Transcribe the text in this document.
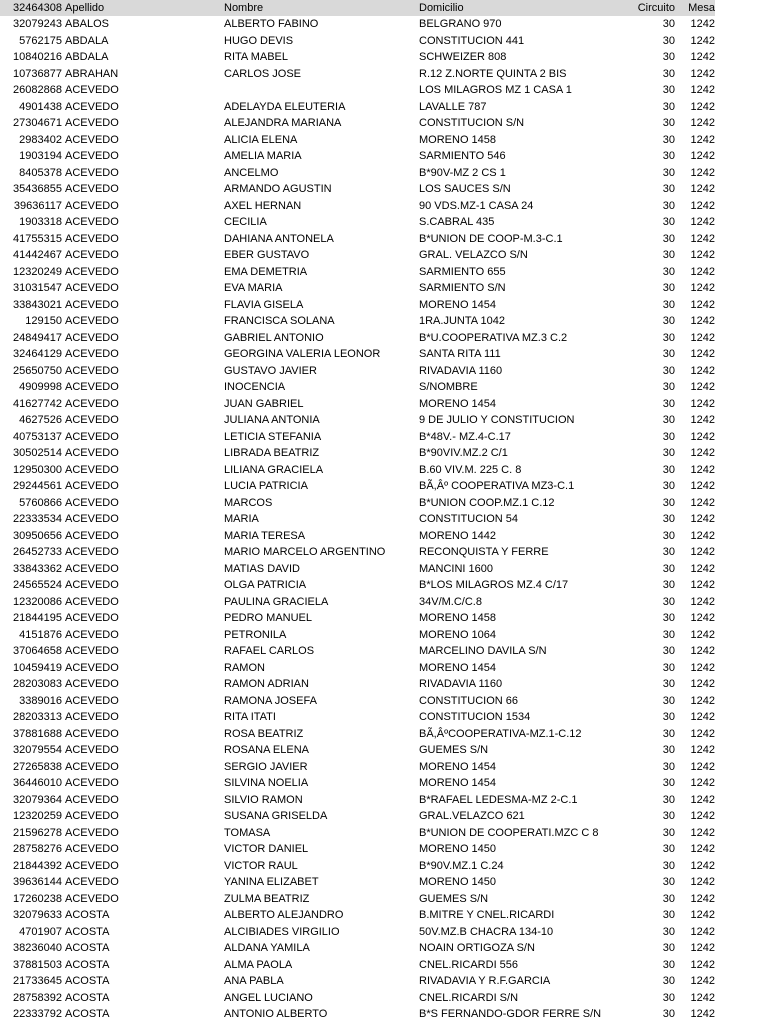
32464308	Apellido	Nombre	Domicilio	Circuito	Mesa
32079243	ABALOS	ALBERTO FABINO	BELGRANO 970	30	1242
5762175	ABDALA	HUGO DEVIS	CONSTITUCION 441	30	1242
10840216	ABDALA	RITA MABEL	SCHWEIZER 808	30	1242
10736877	ABRAHAN	CARLOS JOSE	R.12 Z.NORTE QUINTA 2 BIS	30	1242
26082868	ACEVEDO		LOS MILAGROS MZ 1 CASA 1	30	1242
4901438	ACEVEDO	ADELAYDA ELEUTERIA	LAVALLE 787	30	1242
27304671	ACEVEDO	ALEJANDRA MARIANA	CONSTITUCION S/N	30	1242
2983402	ACEVEDO	ALICIA ELENA	MORENO 1458	30	1242
1903194	ACEVEDO	AMELIA MARIA	SARMIENTO 546	30	1242
8405378	ACEVEDO	ANCELMO	B*90V-MZ 2 CS 1	30	1242
35436855	ACEVEDO	ARMANDO AGUSTIN	LOS SAUCES S/N	30	1242
39636117	ACEVEDO	AXEL HERNAN	90 VDS.MZ-1 CASA 24	30	1242
1903318	ACEVEDO	CECILIA	S.CABRAL 435	30	1242
41755315	ACEVEDO	DAHIANA ANTONELA	B*UNION DE COOP-M.3-C.1	30	1242
41442467	ACEVEDO	EBER GUSTAVO	GRAL. VELAZCO S/N	30	1242
12320249	ACEVEDO	EMA DEMETRIA	SARMIENTO 655	30	1242
31031547	ACEVEDO	EVA MARIA	SARMIENTO S/N	30	1242
33843021	ACEVEDO	FLAVIA GISELA	MORENO 1454	30	1242
129150	ACEVEDO	FRANCISCA SOLANA	1RA.JUNTA 1042	30	1242
24849417	ACEVEDO	GABRIEL ANTONIO	B*U.COOPERATIVA MZ.3 C.2	30	1242
32464129	ACEVEDO	GEORGINA VALERIA LEONOR	SANTA RITA 111	30	1242
25650750	ACEVEDO	GUSTAVO JAVIER	RIVADAVIA 1160	30	1242
4909998	ACEVEDO	INOCENCIA	S/NOMBRE	30	1242
41627742	ACEVEDO	JUAN GABRIEL	MORENO 1454	30	1242
4627526	ACEVEDO	JULIANA ANTONIA	9 DE JULIO Y CONSTITUCION	30	1242
40753137	ACEVEDO	LETICIA STEFANIA	B*48V.- MZ.4-C.17	30	1242
30502514	ACEVEDO	LIBRADA BEATRIZ	B*90VIV.MZ.2 C/1	30	1242
12950300	ACEVEDO	LILIANA GRACIELA	B.60 VIV.M. 225 C. 8	30	1242
29244561	ACEVEDO	LUCIA PATRICIA	BÃ,Âº COOPERATIVA MZ3-C.1	30	1242
5760866	ACEVEDO	MARCOS	B*UNION COOP.MZ.1 C.12	30	1242
22333534	ACEVEDO	MARIA	CONSTITUCION 54	30	1242
30950656	ACEVEDO	MARIA TERESA	MORENO 1442	30	1242
26452733	ACEVEDO	MARIO MARCELO ARGENTINO	RECONQUISTA Y FERRE	30	1242
33843362	ACEVEDO	MATIAS DAVID	MANCINI 1600	30	1242
24565524	ACEVEDO	OLGA PATRICIA	B*LOS MILAGROS MZ.4 C/17	30	1242
12320086	ACEVEDO	PAULINA GRACIELA	34V/M.C/C.8	30	1242
21844195	ACEVEDO	PEDRO MANUEL	MORENO 1458	30	1242
4151876	ACEVEDO	PETRONILA	MORENO 1064	30	1242
37064658	ACEVEDO	RAFAEL CARLOS	MARCELINO DAVILA S/N	30	1242
10459419	ACEVEDO	RAMON	MORENO 1454	30	1242
28203083	ACEVEDO	RAMON ADRIAN	RIVADAVIA 1160	30	1242
3389016	ACEVEDO	RAMONA JOSEFA	CONSTITUCION 66	30	1242
28203313	ACEVEDO	RITA ITATI	CONSTITUCION 1534	30	1242
37881688	ACEVEDO	ROSA BEATRIZ	BÃ,ÂºCOOPERATIVA-MZ.1-C.12	30	1242
32079554	ACEVEDO	ROSANA ELENA	GUEMES S/N	30	1242
27265838	ACEVEDO	SERGIO JAVIER	MORENO 1454	30	1242
36446010	ACEVEDO	SILVINA NOELIA	MORENO 1454	30	1242
32079364	ACEVEDO	SILVIO RAMON	B*RAFAEL LEDESMA-MZ 2-C.1	30	1242
12320259	ACEVEDO	SUSANA GRISELDA	GRAL.VELAZCO 621	30	1242
21596278	ACEVEDO	TOMASA	B*UNION DE COOPERATI.MZC C 8	30	1242
28758276	ACEVEDO	VICTOR DANIEL	MORENO 1450	30	1242
21844392	ACEVEDO	VICTOR RAUL	B*90V.MZ.1 C.24	30	1242
39636144	ACEVEDO	YANINA ELIZABET	MORENO 1450	30	1242
17260238	ACEVEDO	ZULMA BEATRIZ	GUEMES S/N	30	1242
32079633	ACOSTA	ALBERTO ALEJANDRO	B.MITRE Y CNEL.RICARDI	30	1242
4701907	ACOSTA	ALCIBIADES VIRGILIO	50V.MZ.B CHACRA 134-10	30	1242
38236040	ACOSTA	ALDANA YAMILA	NOAIN ORTIGOZA S/N	30	1242
37881503	ACOSTA	ALMA PAOLA	CNEL.RICARDI 556	30	1242
21733645	ACOSTA	ANA PABLA	RIVADAVIA Y R.F.GARCIA	30	1242
28758392	ACOSTA	ANGEL LUCIANO	CNEL.RICARDI S/N	30	1242
22333792	ACOSTA	ANTONIO ALBERTO	B*S FERNANDO-GDOR FERRE S/N	30	1242
